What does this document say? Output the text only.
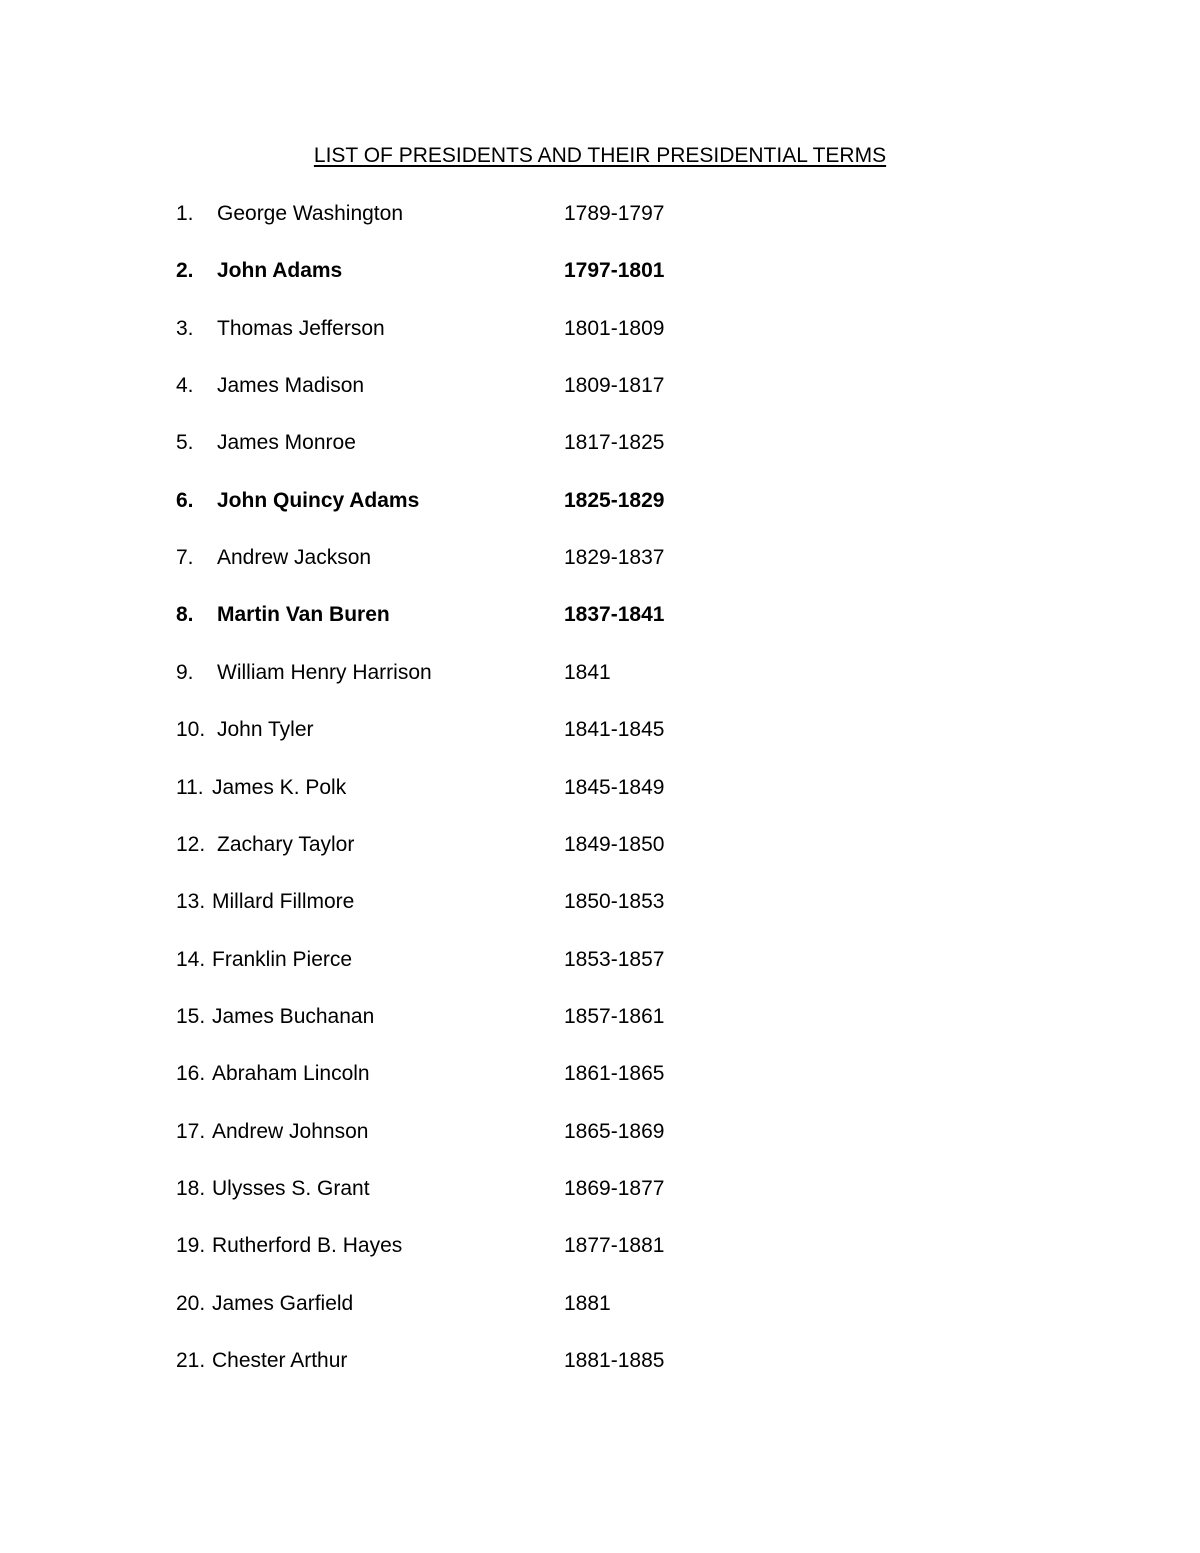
LIST OF PRESIDENTS AND THEIR PRESIDENTIAL TERMS
1. George Washington	1789-1797
2. John Adams	1797-1801
3. Thomas Jefferson	1801-1809
4. James Madison	1809-1817
5. James Monroe	1817-1825
6. John Quincy Adams	1825-1829
7. Andrew Jackson	1829-1837
8. Martin Van Buren	1837-1841
9. William Henry Harrison	1841
10. John Tyler	1841-1845
11. James K. Polk	1845-1849
12. Zachary Taylor	1849-1850
13. Millard Fillmore	1850-1853
14. Franklin Pierce	1853-1857
15. James Buchanan	1857-1861
16. Abraham Lincoln	1861-1865
17. Andrew Johnson	1865-1869
18. Ulysses S. Grant	1869-1877
19. Rutherford B. Hayes	1877-1881
20. James Garfield	1881
21. Chester Arthur	1881-1885
